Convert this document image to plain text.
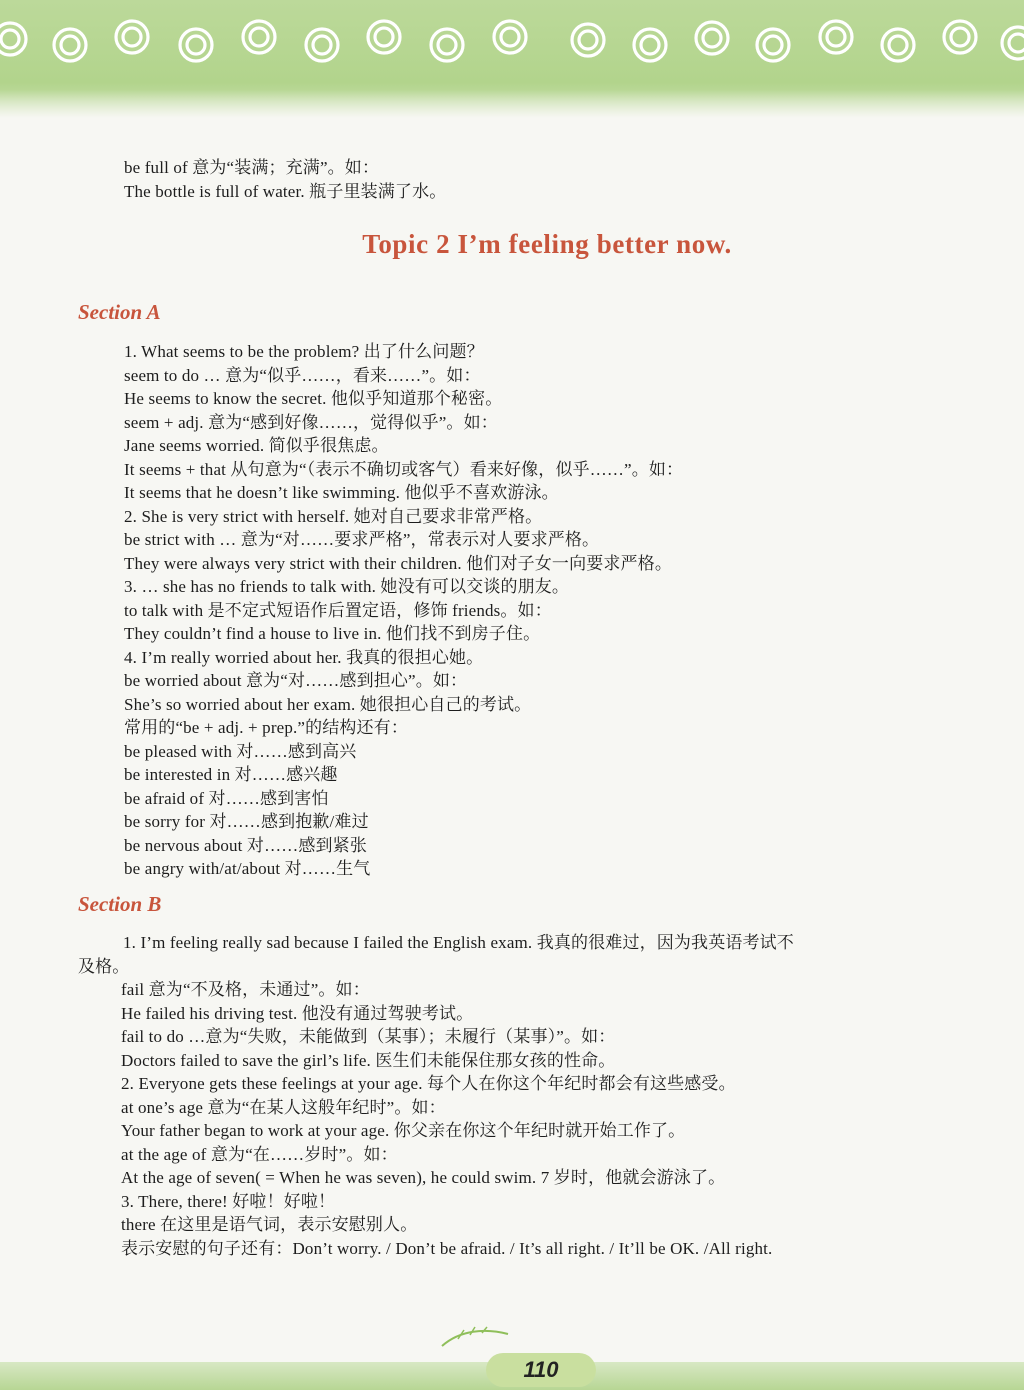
be full of 意为“装满；充满”。如：
The bottle is full of water. 瓶子里装满了水。
Topic 2 I’m feeling better now.
Section A
1. What seems to be the problem? 出了什么问题？
seem to do … 意为“似乎……，看来……”。如：
He seems to know the secret. 他似乎知道那个秘密。
seem + adj. 意为“感到好像……，觉得似乎”。如：
Jane seems worried. 简似乎很焦虑。
It seems + that 从句意为“（表示不确切或客气）看来好像，似乎……”。如：
It seems that he doesn’t like swimming. 他似乎不喜欢游泳。
2. She is very strict with herself. 她对自己要求非常严格。
be strict with … 意为“对……要求严格”，常表示对人要求严格。
They were always very strict with their children. 他们对子女一向要求严格。
3. … she has no friends to talk with. 她没有可以交谈的朋友。
to talk with 是不定式短语作后置定语，修饰 friends。如：
They couldn’t find a house to live in. 他们找不到房子住。
4. I’m really worried about her. 我真的很担心她。
be worried about 意为“对……感到担心”。如：
She’s so worried about her exam. 她很担心自己的考试。
常用的“be + adj. + prep.”的结构还有：
be pleased with 对……感到高兴
be interested in 对……感兴趣
be afraid of 对……感到害怕
be sorry for 对……感到抱歉/难过
be nervous about 对……感到紧张
be angry with/at/about 对……生气
Section B
1. I’m feeling really sad because I failed the English exam. 我真的很难过，因为我英语考试不
及格。
fail 意为“不及格，未通过”。如：
He failed his driving test. 他没有通过驾驶考试。
fail to do …意为“失败，未能做到（某事）；未履行（某事）”。如：
Doctors failed to save the girl’s life. 医生们未能保住那女孩的性命。
2. Everyone gets these feelings at your age. 每个人在你这个年纪时都会有这些感受。
at one’s age 意为“在某人这般年纪时”。如：
Your father began to work at your age. 你父亲在你这个年纪时就开始工作了。
at the age of 意为“在……岁时”。如：
At the age of seven( = When he was seven), he could swim. 7 岁时，他就会游泳了。
3. There, there! 好啦！好啦！
there 在这里是语气词，表示安慰别人。
表示安慰的句子还有：Don’t worry. / Don’t be afraid. / It’s all right. / It’ll be OK. /All right.
110
